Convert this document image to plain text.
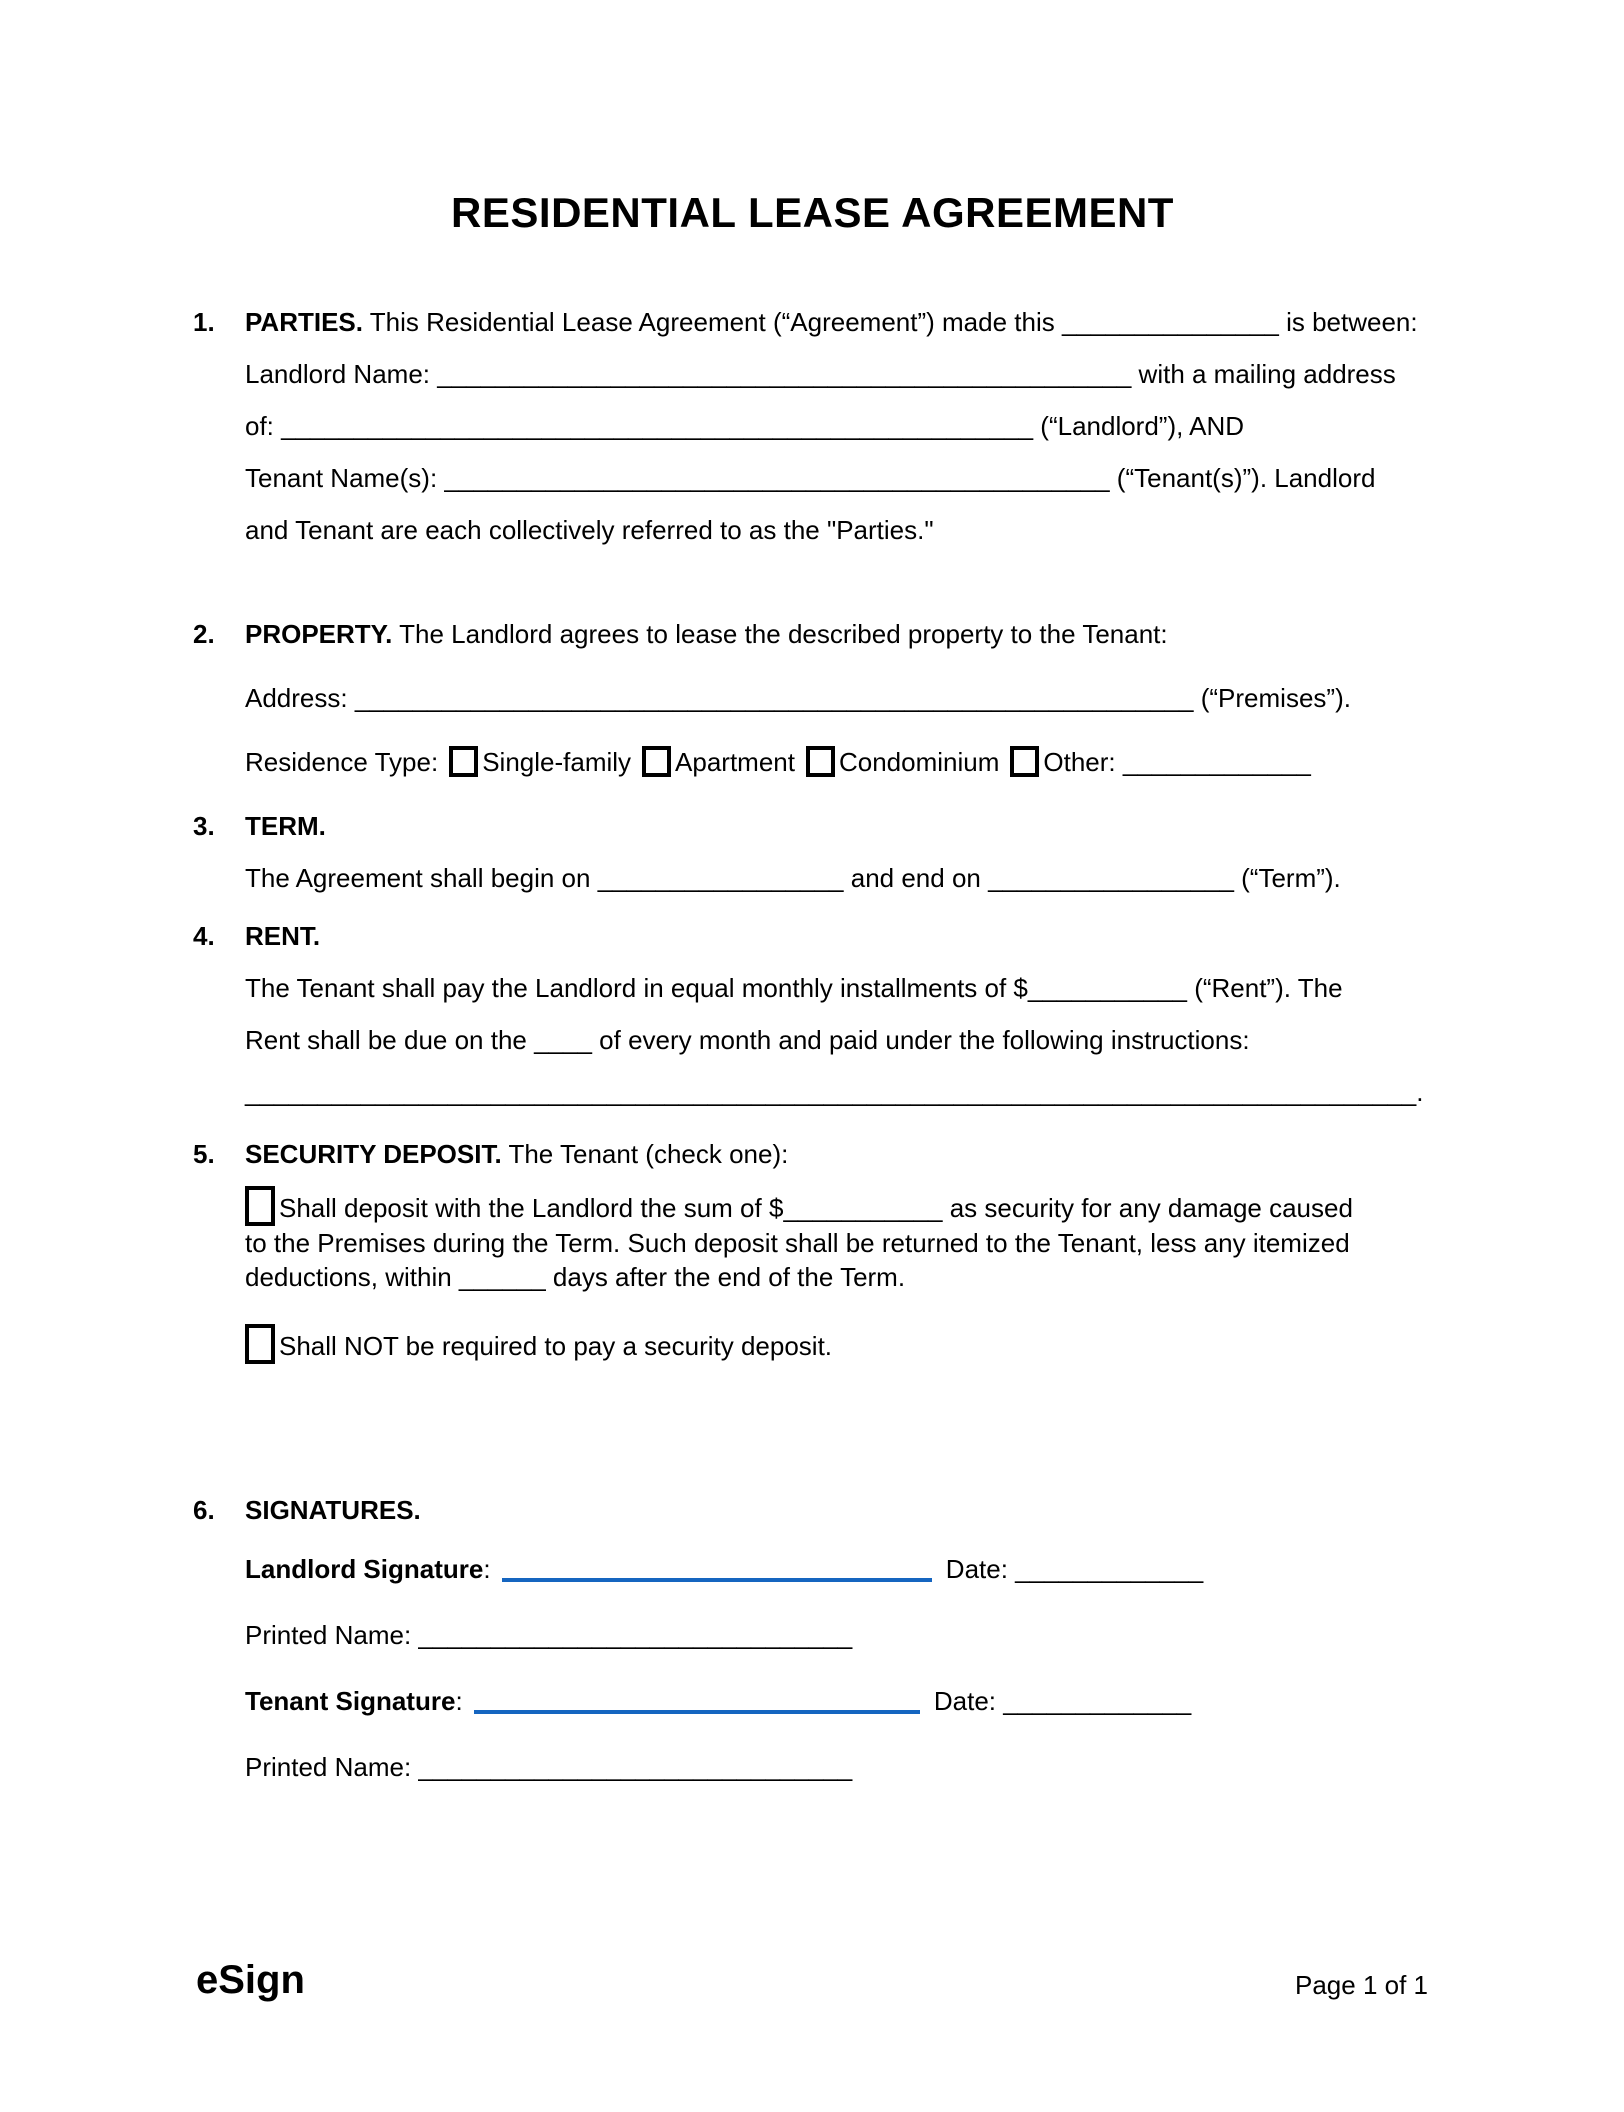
RESIDENTIAL LEASE AGREEMENT
1. PARTIES. This Residential Lease Agreement (“Agreement”) made this _______________ is between:
Landlord Name: ________________________________________________ with a mailing address
of: ____________________________________________________ (“Landlord”), AND
Tenant Name(s): ______________________________________________ (“Tenant(s)”). Landlord
and Tenant are each collectively referred to as the "Parties."
2. PROPERTY. The Landlord agrees to lease the described property to the Tenant:
Address: __________________________________________________________ (“Premises”).
Residence Type: Single-family Apartment Condominium Other: _____________
3. TERM.
The Agreement shall begin on _________________ and end on _________________ (“Term”).
4. RENT.
The Tenant shall pay the Landlord in equal monthly installments of $___________ (“Rent”). The
Rent shall be due on the ____ of every month and paid under the following instructions:
_________________________________________________________________________________.
5. SECURITY DEPOSIT. The Tenant (check one):
Shall deposit with the Landlord the sum of $___________ as security for any damage caused
to the Premises during the Term. Such deposit shall be returned to the Tenant, less any itemized
deductions, within ______ days after the end of the Term.
Shall NOT be required to pay a security deposit.
6. SIGNATURES.
Landlord Signature:	Date: _____________
Printed Name: ______________________________
Tenant Signature:	Date: _____________
Printed Name: ______________________________
eSign	Page 1 of 1
